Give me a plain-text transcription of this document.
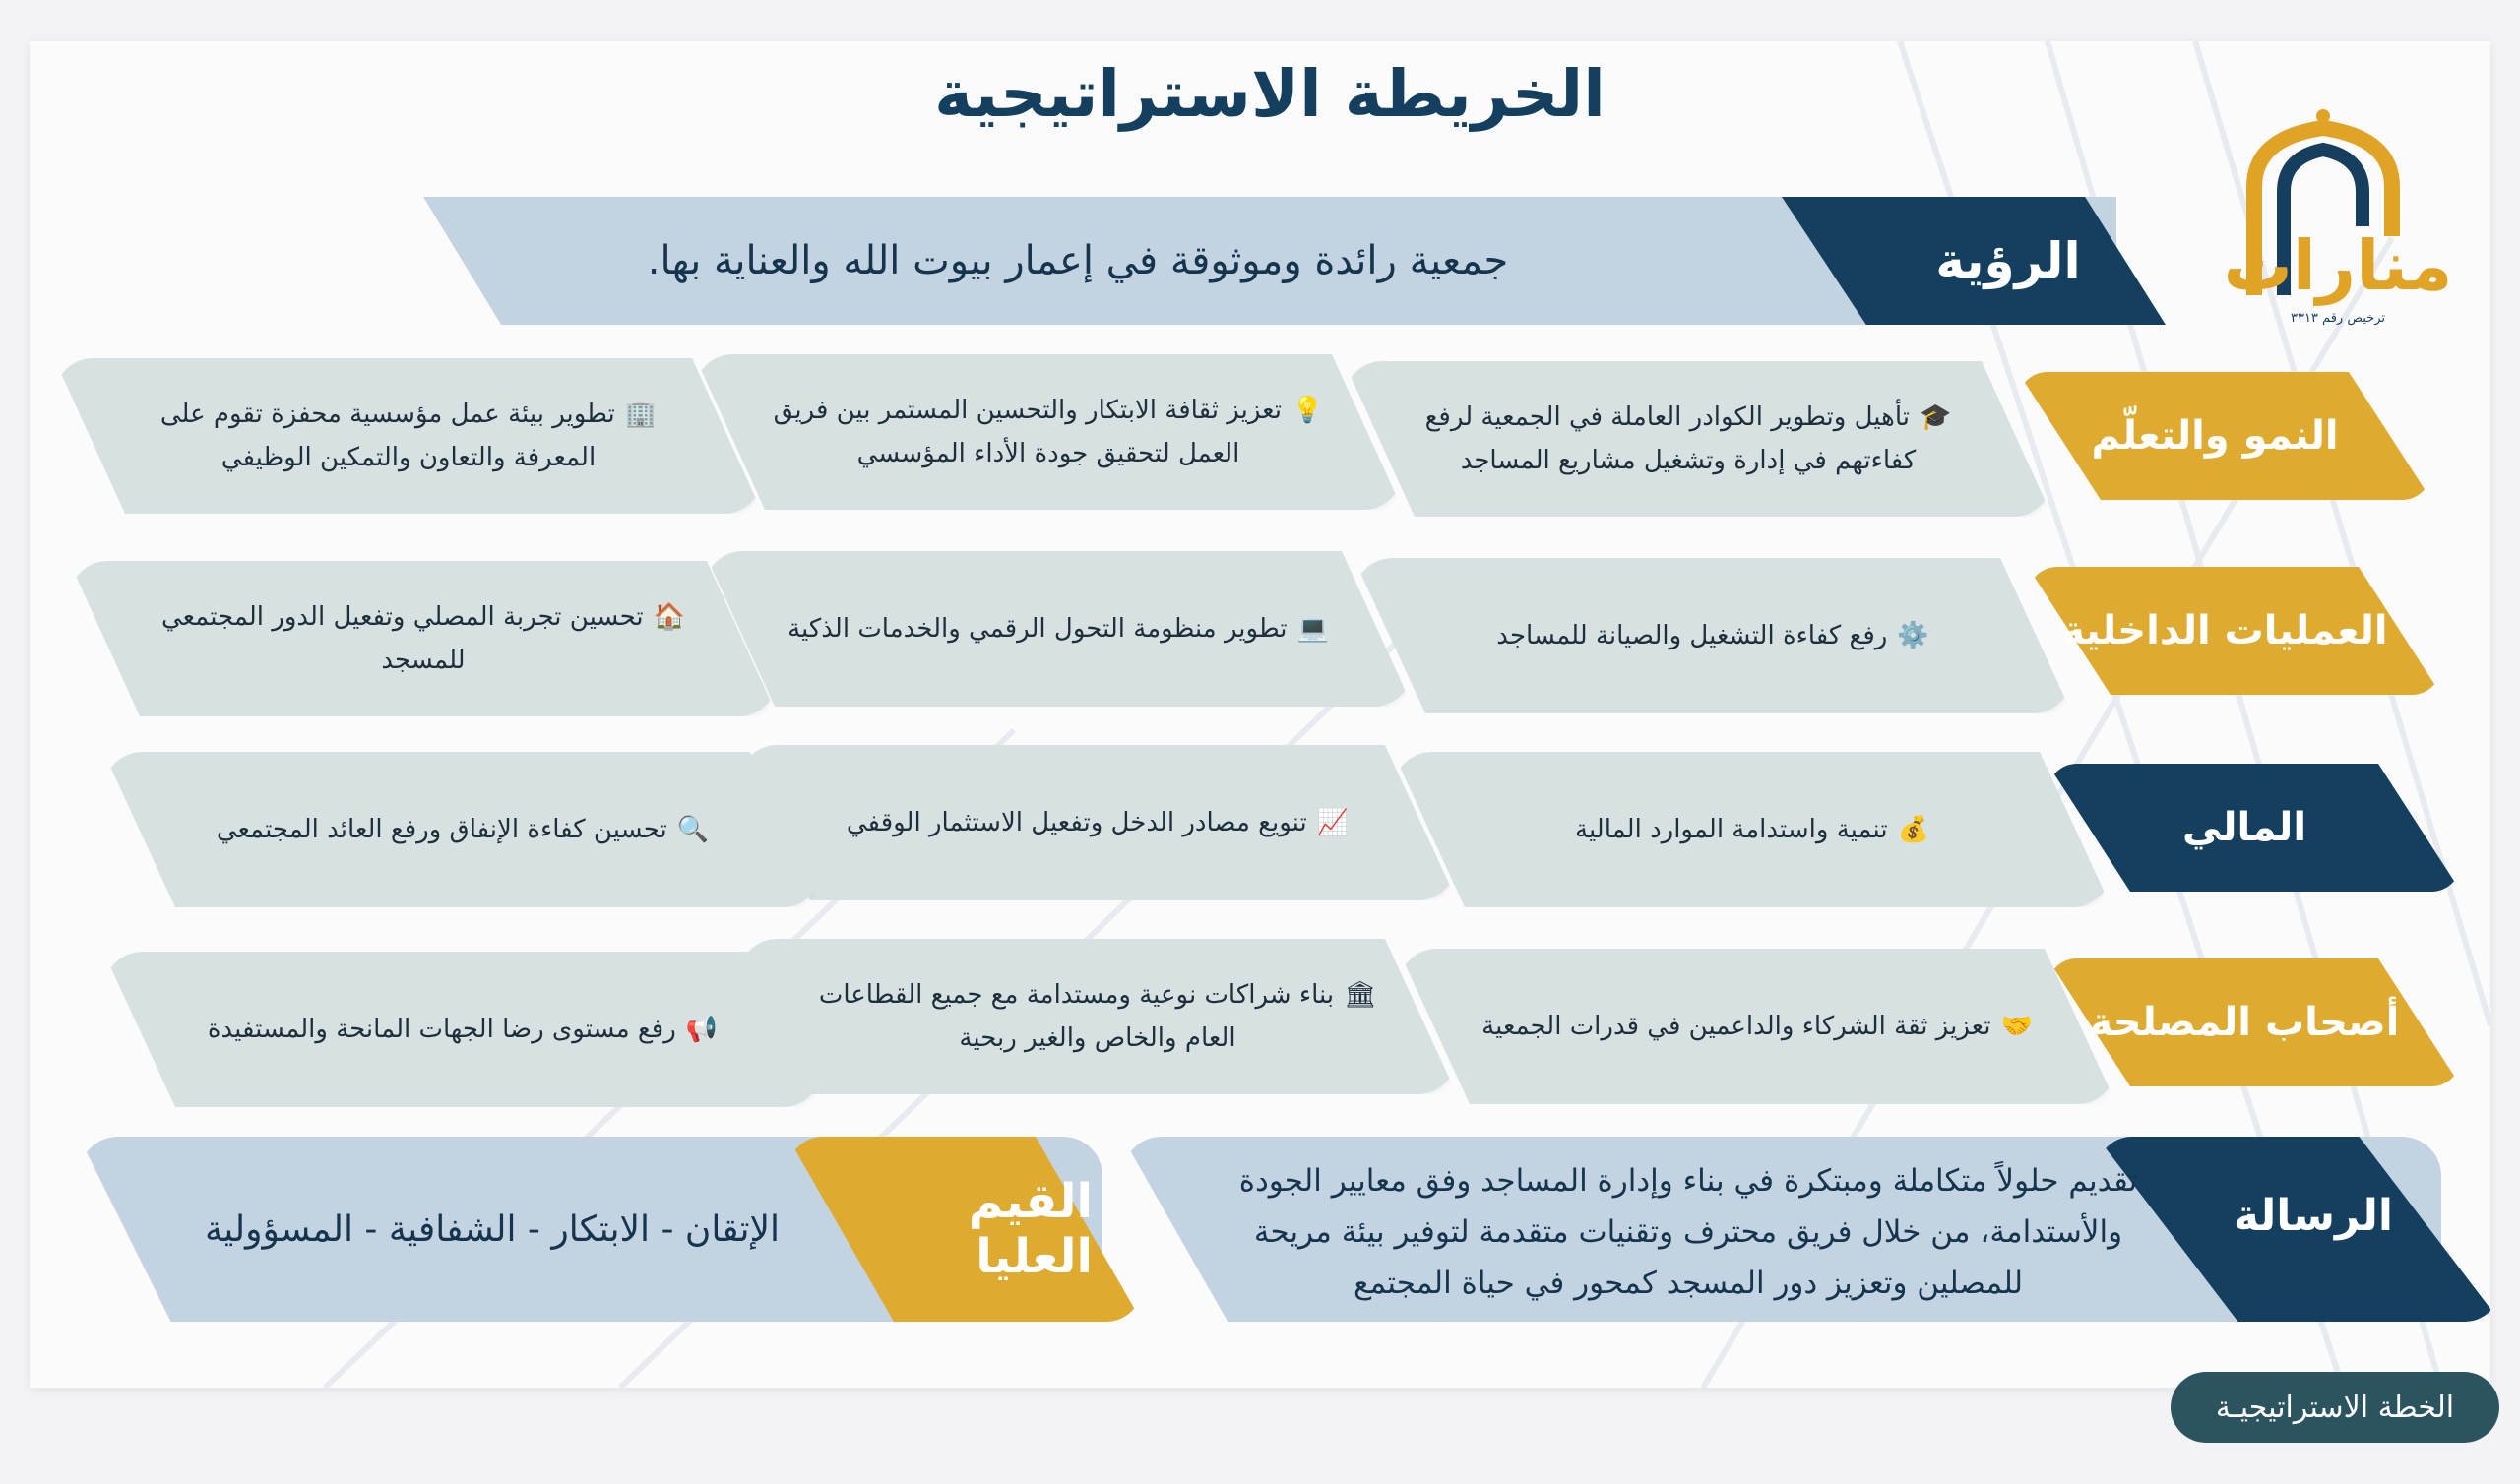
الخريطة الاستراتيجية
منارات
ترخيص رقم ٣٣١٣
جمعية رائدة وموثوقة في إعمار بيوت الله والعناية بها.	الرؤية
النمو والتعلّم
🎓تأهيل وتطوير الكوادر العاملة في الجمعية لرفع كفاءتهم في إدارة وتشغيل مشاريع المساجد
💡تعزيز ثقافة الابتكار والتحسين المستمر بين فريق العمل لتحقيق جودة الأداء المؤسسي
🏢تطوير بيئة عمل مؤسسية محفزة تقوم على المعرفة والتعاون والتمكين الوظيفي
العمليات الداخلية
⚙️رفع كفاءة التشغيل والصيانة للمساجد
💻تطوير منظومة التحول الرقمي والخدمات الذكية
🏠تحسين تجربة المصلي وتفعيل الدور المجتمعي للمسجد
المالي
💰تنمية واستدامة الموارد المالية
📈تنويع مصادر الدخل وتفعيل الاستثمار الوقفي
🔍تحسين كفاءة الإنفاق ورفع العائد المجتمعي
أصحاب المصلحة
🤝تعزيز ثقة الشركاء والداعمين في قدرات الجمعية
🏛بناء شراكات نوعية ومستدامة مع جميع القطاعات العام والخاص والغير ربحية
📢رفع مستوى رضا الجهات المانحة والمستفيدة
القيم العليا
الإتقان - الابتكار - الشفافية - المسؤولية	الرسالة
تقديم حلولاً متكاملة ومبتكرة في بناء وإدارة المساجد وفق معايير الجودة والأستدامة، من خلال فريق محترف وتقنيات متقدمة لتوفير بيئة مريحة للمصلين وتعزيز دور المسجد كمحور في حياة المجتمع
الخطة الاستراتيجيـة
